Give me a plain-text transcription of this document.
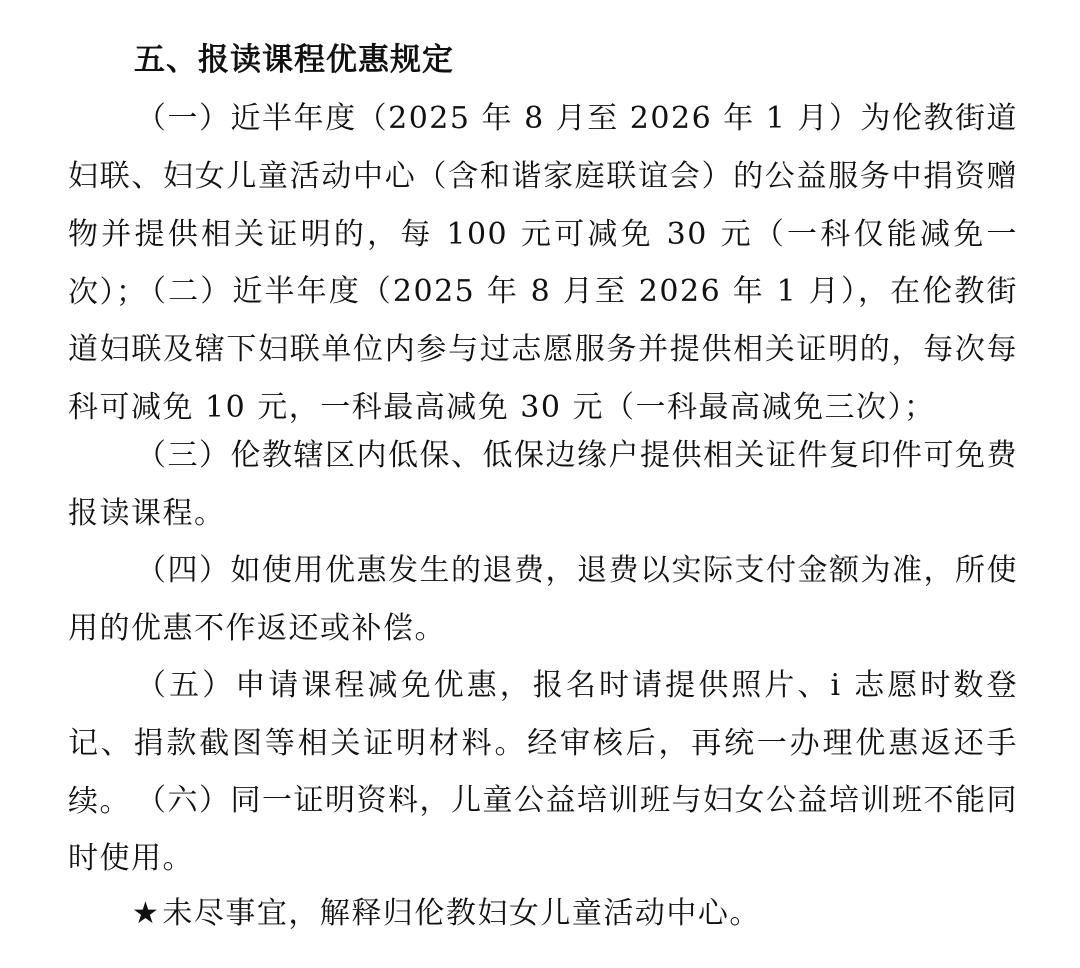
五、报读课程优惠规定

（一）近半年度（2025 年 8 月至 2026 年 1 月）为伦教街道妇联、妇女儿童活动中心（含和谐家庭联谊会）的公益服务中捐资赠物并提供相关证明的，每 100 元可减免 30 元（一科仅能减免一次）；

（二）近半年度（2025 年 8 月至 2026 年 1 月），在伦教街道妇联及辖下妇联单位内参与过志愿服务并提供相关证明的，每次每科可减免 10 元，一科最高减免 30 元（一科最高减免三次）；

（三）伦教辖区内低保、低保边缘户提供相关证件复印件可免费报读课程。

（四）如使用优惠发生的退费，退费以实际支付金额为准，所使用的优惠不作返还或补偿。

（五）申请课程减免优惠，报名时请提供照片、i 志愿时数登记、捐款截图等相关证明材料。经审核后，再统一办理优惠返还手续。 （六）同一证明资料，儿童公益培训班与妇女公益培训班不能同时使用。

★未尽事宜，解释归伦教妇女儿童活动中心。
